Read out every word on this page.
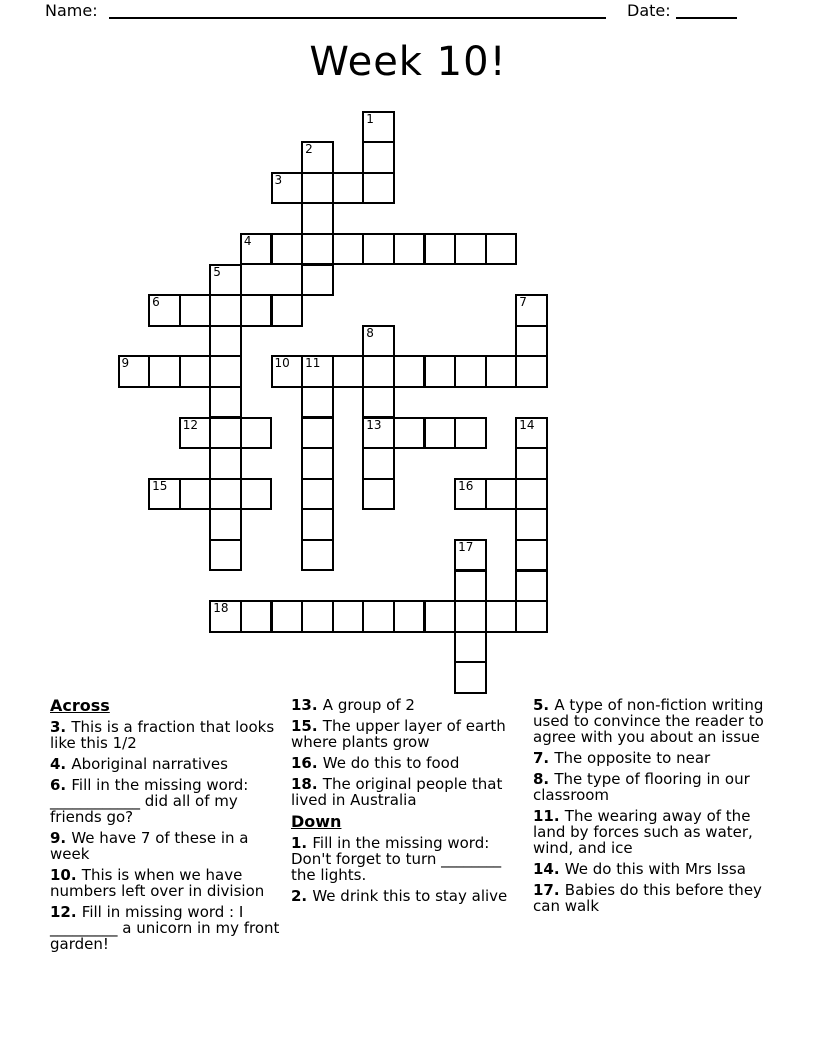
Name:	Date:
Week 10!
1
2
3
4
5
6	7
8
9	10 11
12	13	14
15	16
17
18
Across
3. This is a fraction that looks like this 1/2
4. Aboriginal narratives
6. Fill in the missing word: ____________ did all of my friends go?
9. We have 7 of these in a week
10. This is when we have numbers left over in division
12. Fill in missing word : I _________ a unicorn in my front garden!
13. A group of 2
15. The upper layer of earth where plants grow
16. We do this to food
18. The original people that lived in Australia
Down
1. Fill in the missing word: Don't forget to turn ________ the lights.
2. We drink this to stay alive
5. A type of non-fiction writing used to convince the reader to agree with you about an issue
7. The opposite to near
8. The type of flooring in our classroom
11. The wearing away of the land by forces such as water, wind, and ice
14. We do this with Mrs Issa
17. Babies do this before they can walk
